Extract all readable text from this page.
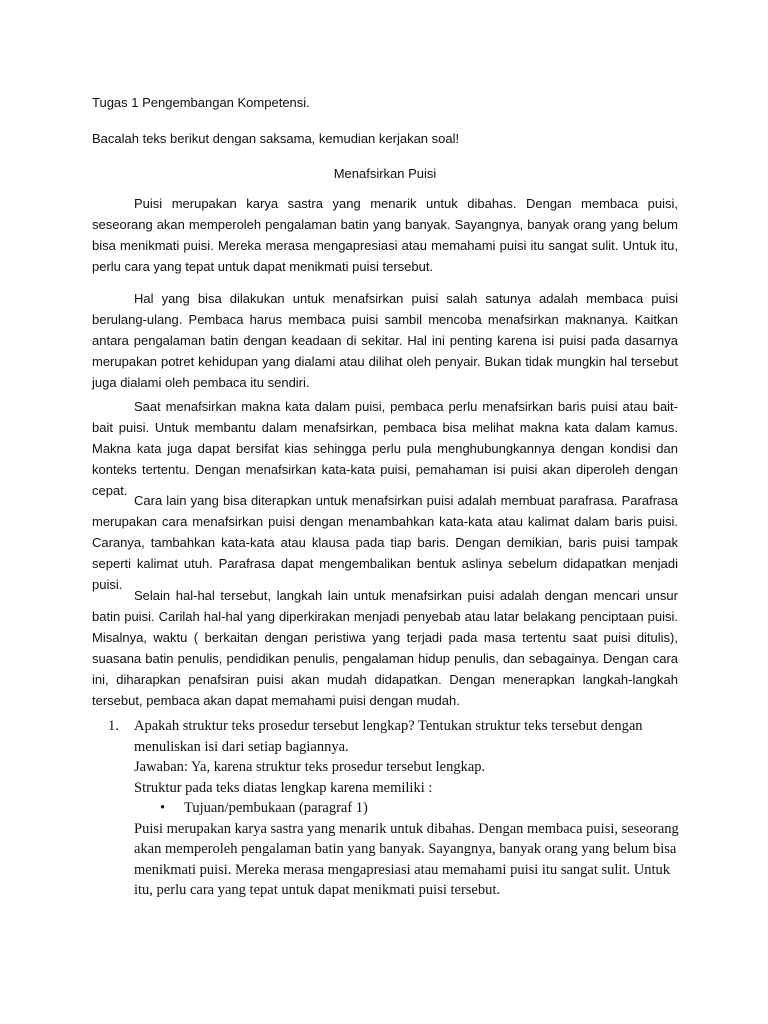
Tugas 1 Pengembangan Kompetensi.
Bacalah teks berikut dengan saksama, kemudian kerjakan soal!
Menafsirkan Puisi

Puisi merupakan karya sastra yang menarik untuk dibahas. Dengan membaca puisi, seseorang akan memperoleh pengalaman batin yang banyak. Sayangnya, banyak orang yang belum bisa menikmati puisi. Mereka merasa mengapresiasi atau memahami puisi itu sangat sulit. Untuk itu, perlu cara yang tepat untuk dapat menikmati puisi tersebut.

Hal yang bisa dilakukan untuk menafsirkan puisi salah satunya adalah membaca puisi berulang-ulang. Pembaca harus membaca puisi sambil mencoba menafsirkan maknanya. Kaitkan antara pengalaman batin dengan keadaan di sekitar. Hal ini penting karena isi puisi pada dasarnya merupakan potret kehidupan yang dialami atau dilihat oleh penyair. Bukan tidak mungkin hal tersebut juga dialami oleh pembaca itu sendiri.

Saat menafsirkan makna kata dalam puisi, pembaca perlu menafsirkan baris puisi atau bait-bait puisi. Untuk membantu dalam menafsirkan, pembaca bisa melihat makna kata dalam kamus. Makna kata juga dapat bersifat kias sehingga perlu pula menghubungkannya dengan kondisi dan konteks tertentu. Dengan menafsirkan kata-kata puisi, pemahaman isi puisi akan diperoleh dengan cepat.

Cara lain yang bisa diterapkan untuk menafsirkan puisi adalah membuat parafrasa. Parafrasa merupakan cara menafsirkan puisi dengan menambahkan kata-kata atau kalimat dalam baris puisi. Caranya, tambahkan kata-kata atau klausa pada tiap baris. Dengan demikian, baris puisi tampak seperti kalimat utuh. Parafrasa dapat mengembalikan bentuk aslinya sebelum didapatkan menjadi puisi.

Selain hal-hal tersebut, langkah lain untuk menafsirkan puisi adalah dengan mencari unsur batin puisi. Carilah hal-hal yang diperkirakan menjadi penyebab atau latar belakang penciptaan puisi. Misalnya, waktu ( berkaitan dengan peristiwa yang terjadi pada masa tertentu saat puisi ditulis), suasana batin penulis, pendidikan penulis, pengalaman hidup penulis, dan sebagainya. Dengan cara ini, diharapkan penafsiran puisi akan mudah didapatkan. Dengan menerapkan langkah-langkah tersebut, pembaca akan dapat memahami puisi dengan mudah.

1. Apakah struktur teks prosedur tersebut lengkap? Tentukan struktur teks tersebut dengan menuliskan isi dari setiap bagiannya.

Jawaban: Ya, karena struktur teks prosedur tersebut lengkap.

Struktur pada teks diatas lengkap karena memiliki :

• Tujuan/pembukaan (paragraf 1)

Puisi merupakan karya sastra yang menarik untuk dibahas. Dengan membaca puisi, seseorang akan memperoleh pengalaman batin yang banyak. Sayangnya, banyak orang yang belum bisa menikmati puisi. Mereka merasa mengapresiasi atau memahami puisi itu sangat sulit. Untuk itu, perlu cara yang tepat untuk dapat menikmati puisi tersebut.
